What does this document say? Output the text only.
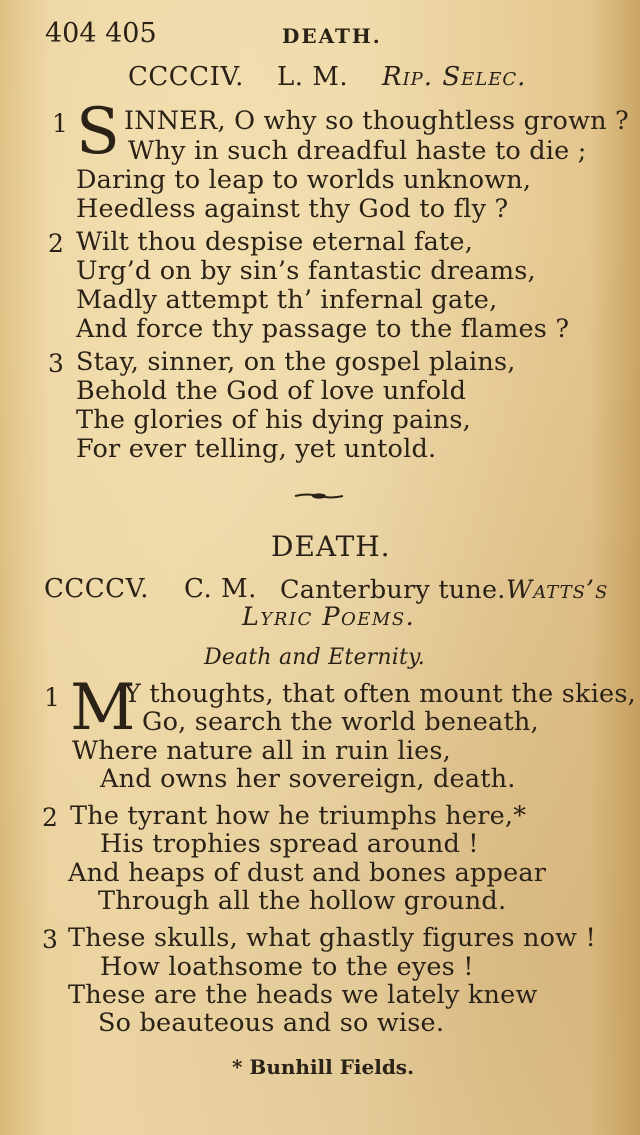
404 405	DEATH.
CCCCIV. L. M. Rip. Selec.
1 S INNER, O why so thoughtless grown ?
Why in such dreadful haste to die ;
Daring to leap to worlds unknown,
Heedless against thy God to fly ?
2 Wilt thou despise eternal fate,
Urg’d on by sin’s fantastic dreams,
Madly attempt th’ infernal gate,
And force thy passage to the flames ?
3 Stay, sinner, on the gospel plains,
Behold the God of love unfold
The glories of his dying pains,
For ever telling, yet untold.
DEATH.
CCCCV. C. M. Canterbury tune. Watts’s
Lyric Poems.
Death and Eternity.
1 M
Y thoughts, that often mount the skies,
Go, search the world beneath,
Where nature all in ruin lies,
And owns her sovereign, death.
2 The tyrant how he triumphs here,*
His trophies spread around !
And heaps of dust and bones appear
Through all the hollow ground.
3 These skulls, what ghastly figures now !
How loathsome to the eyes !
These are the heads we lately knew
So beauteous and so wise.
* Bunhill Fields.
